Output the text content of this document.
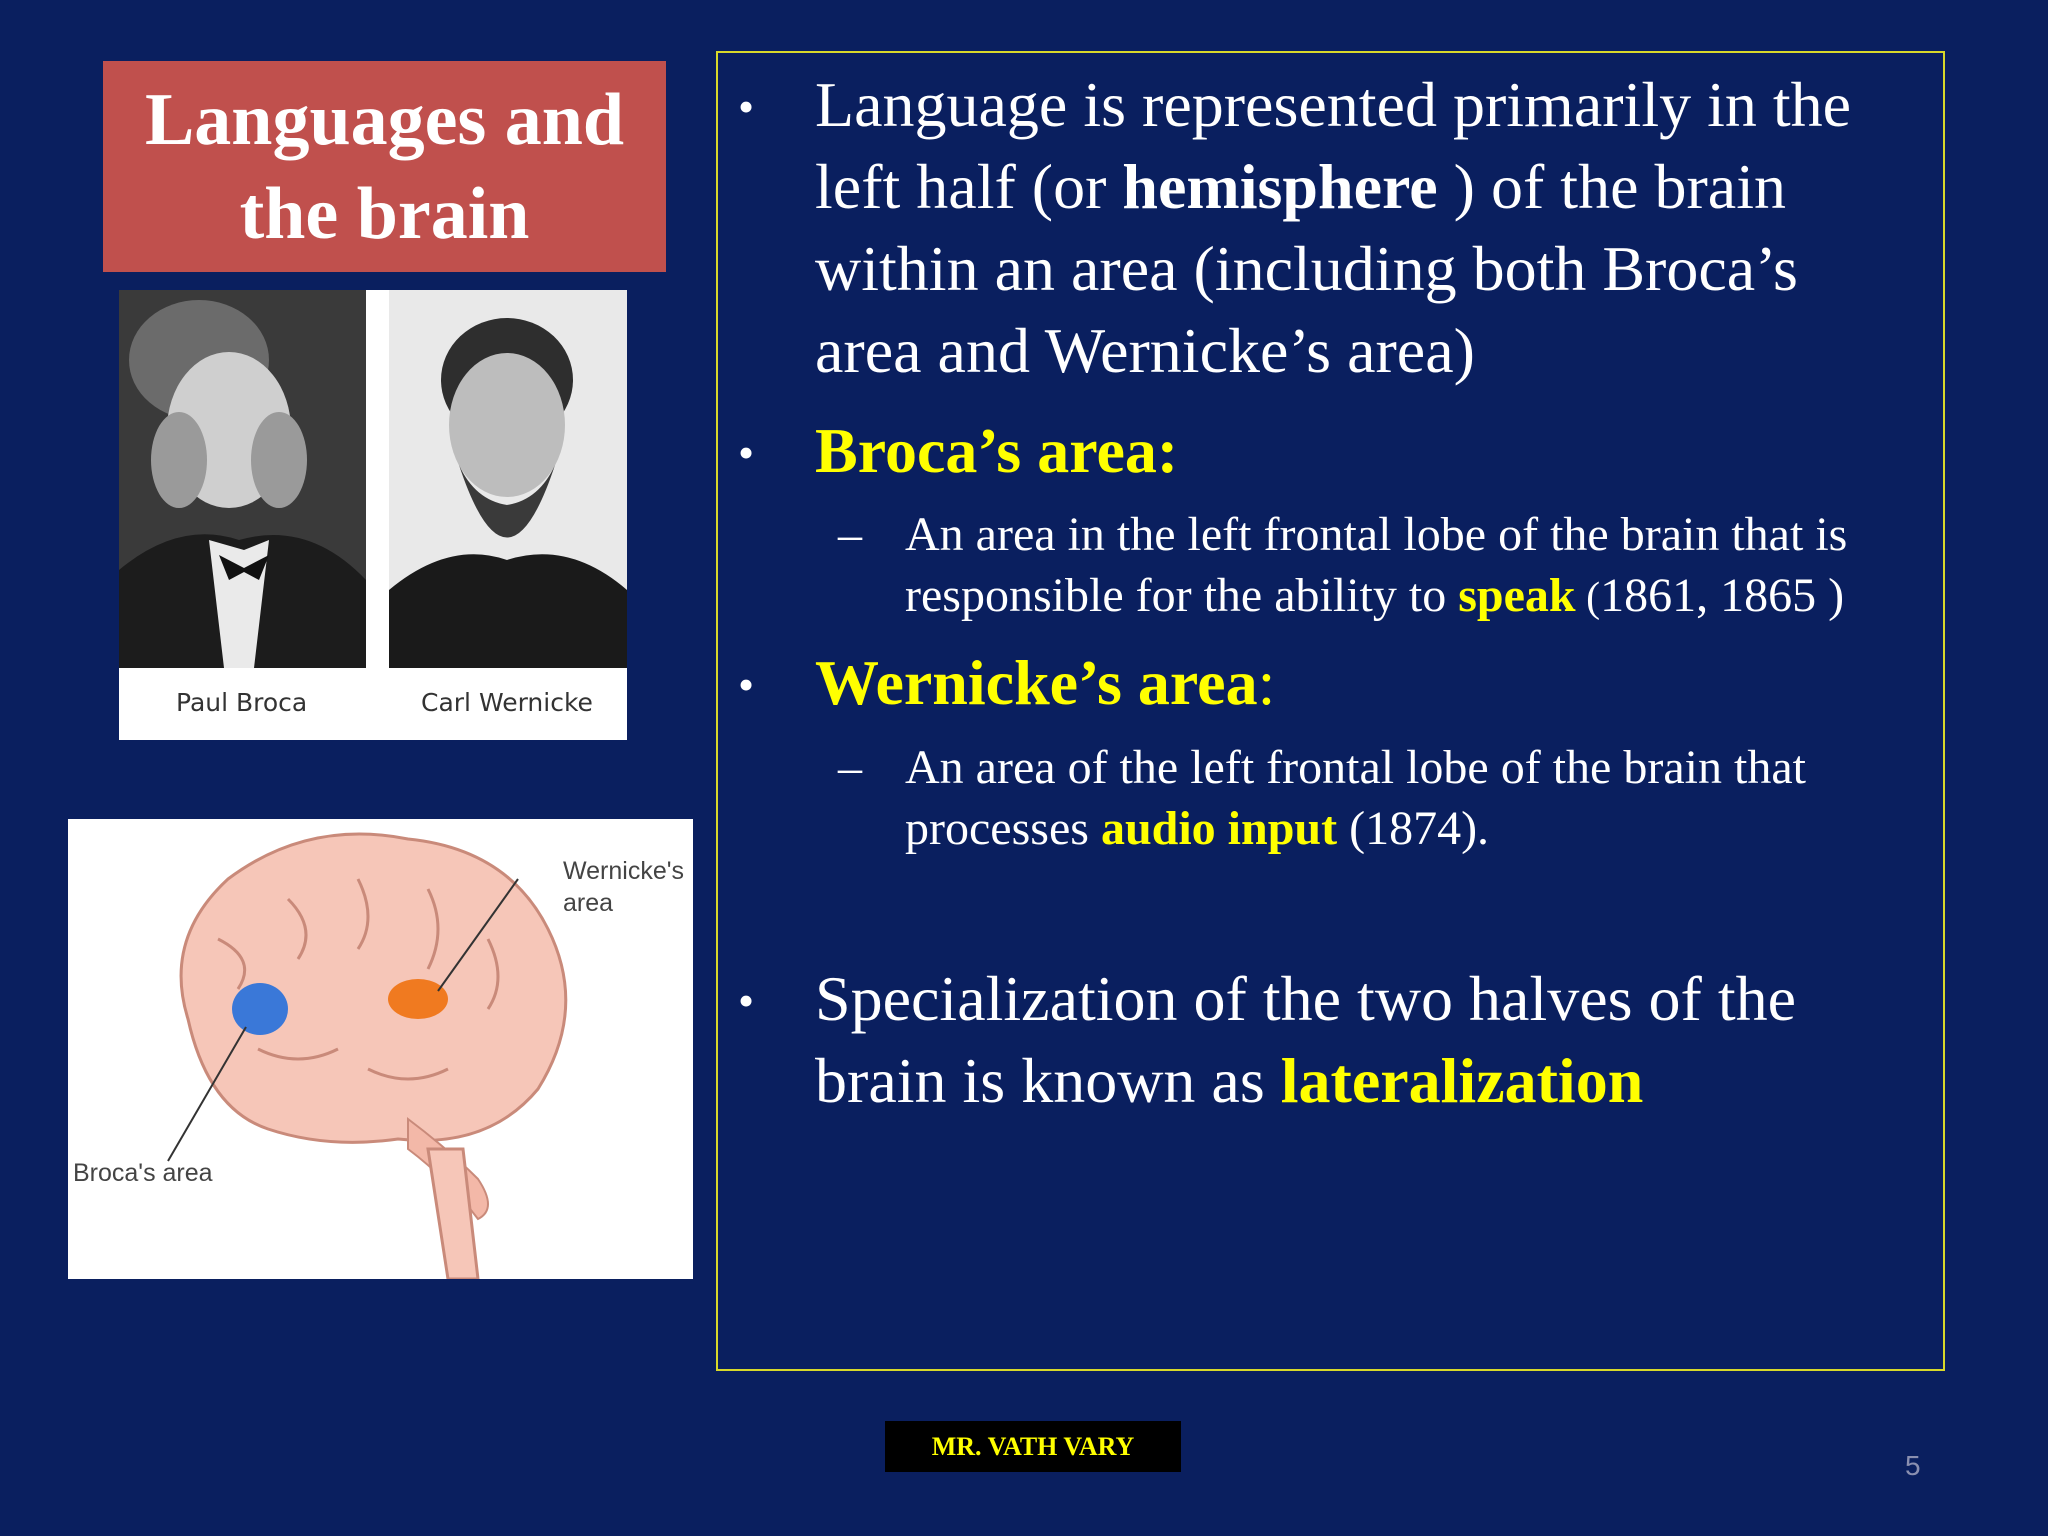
Languages and
the brain
Paul Broca	Carl Wernicke
Wernicke's
area
Broca's area
• Language is represented primarily in the
left half (or hemisphere ) of the brain
within an area (including both Broca’s
area and Wernicke’s area)
• Broca’s area:
– An area in the left frontal lobe of the brain that is
responsible for the ability to speak (1861, 1865 )
• Wernicke’s area:
– An area of the left frontal lobe of the brain that
processes audio input (1874).
• Specialization of the two halves of the
brain is known as lateralization
MR. VATH VARY
5
